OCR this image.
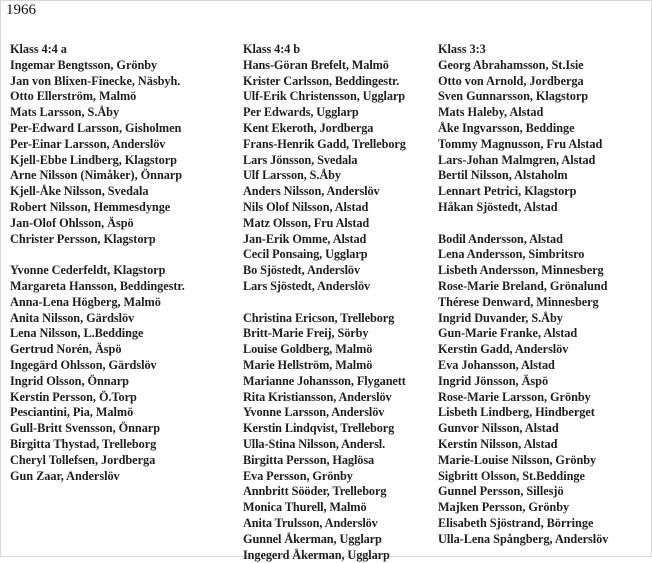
1966
Klass 4:4 a
Ingemar Bengtsson, Grönby
Jan von Blixen-Finecke, Näsbyh.
Otto Ellerström, Malmö
Mats Larsson, S.Åby
Per-Edward Larsson, Gisholmen
Per-Einar Larsson, Anderslöv
Kjell-Ebbe Lindberg, Klagstorp
Arne Nilsson (Nimåker), Önnarp
Kjell-Åke Nilsson, Svedala
Robert Nilsson, Hemmesdynge
Jan-Olof Ohlsson, Äspö
Christer Persson, Klagstorp
Yvonne Cederfeldt, Klagstorp
Margareta Hansson, Beddingestr.
Anna-Lena Högberg, Malmö
Anita Nilsson, Gärdslöv
Lena Nilsson, L.Beddinge
Gertrud Norén, Äspö
Ingegärd Ohlsson, Gärdslöv
Ingrid Olsson, Önnarp
Kerstin Persson, Ö.Torp
Pesciantini, Pia, Malmö
Gull-Britt Svensson, Önnarp
Birgitta Thystad, Trelleborg
Cheryl Tollefsen, Jordberga
Gun Zaar, Anderslöv
Klass 4:4 b
Hans-Göran Brefelt, Malmö
Krister Carlsson, Beddingestr.
Ulf-Erik Christensson, Ugglarp
Per Edwards, Ugglarp
Kent Ekeroth, Jordberga
Frans-Henrik Gadd, Trelleborg
Lars Jönsson, Svedala
Ulf Larsson, S.Åby
Anders Nilsson, Anderslöv
Nils Olof Nilsson, Alstad
Matz Olsson, Fru Alstad
Jan-Erik Omme, Alstad
Cecil Ponsaing, Ugglarp
Bo Sjöstedt, Anderslöv
Lars Sjöstedt, Anderslöv
Christina Ericson, Trelleborg
Britt-Marie Freij, Sörby
Louise Goldberg, Malmö
Marie Hellström, Malmö
Marianne Johansson, Flyganett
Rita Kristiansson, Anderslöv
Yvonne Larsson, Anderslöv
Kerstin Lindqvist, Trelleborg
Ulla-Stina Nilsson, Andersl.
Birgitta Persson, Haglösa
Eva Persson, Grönby
Annbritt Sööder, Trelleborg
Monica Thurell, Malmö
Anita Trulsson, Anderslöv
Gunnel Åkerman, Ugglarp
Ingegerd Åkerman, Ugglarp
Klass 3:3
Georg Abrahamsson, St.Isie
Otto von Arnold, Jordberga
Sven Gunnarsson, Klagstorp
Mats Haleby, Alstad
Åke Ingvarsson, Beddinge
Tommy Magnusson, Fru Alstad
Lars-Johan Malmgren, Alstad
Bertil Nilsson, Alstaholm
Lennart Petrici, Klagstorp
Håkan Sjöstedt, Alstad
Bodil Andersson, Alstad
Lena Andersson, Simbritsro
Lisbeth Andersson, Minnesberg
Rose-Marie Breland, Grönalund
Thérese Denward, Minnesberg
Ingrid Duvander, S.Åby
Gun-Marie Franke, Alstad
Kerstin Gadd, Anderslöv
Eva Johansson, Alstad
Ingrid Jönsson, Äspö
Rose-Marie Larsson, Grönby
Lisbeth Lindberg, Hindberget
Gunvor Nilsson, Alstad
Kerstin Nilsson, Alstad
Marie-Louise Nilsson, Grönby
Sigbritt Olsson, St.Beddinge
Gunnel Persson, Sillesjö
Majken Persson, Grönby
Elisabeth Sjöstrand, Börringe
Ulla-Lena Spångberg, Anderslöv
